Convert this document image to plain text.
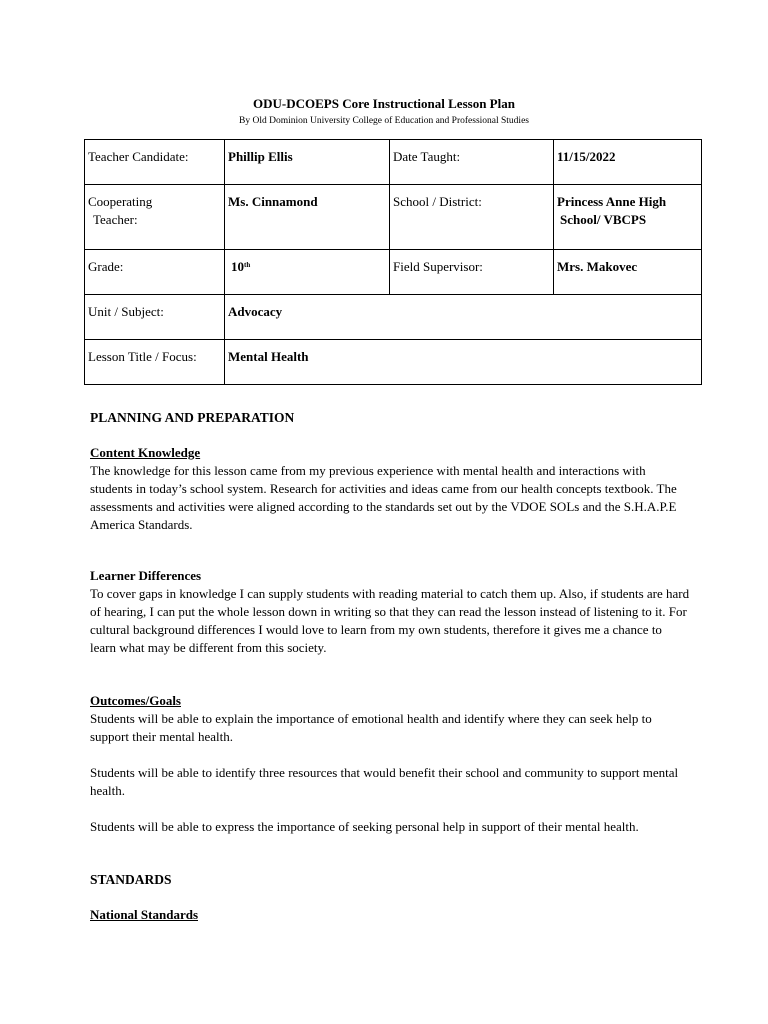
ODU-DCOEPS Core Instructional Lesson Plan

By Old Dominion University College of Education and Professional Studies

Teacher Candidate:	Phillip Ellis	Date Taught:	11/15/2022
Cooperating
Teacher:	Ms. Cinnamond	School / District:	Princess Anne High
School/ VBCPS
Grade:	10th	Field Supervisor:	Mrs. Makovec
Unit / Subject:	Advocacy		
Lesson Title / Focus:	Mental Health		

PLANNING AND PREPARATION

Content Knowledge

The knowledge for this lesson came from my previous experience with mental health and interactions with students in today’s school system. Research for activities and ideas came from our health concepts textbook. The assessments and activities were aligned according to the standards set out by the VDOE SOLs and the S.H.A.P.E America Standards.

Learner Differences

To cover gaps in knowledge I can supply students with reading material to catch them up. Also, if students are hard of hearing, I can put the whole lesson down in writing so that they can read the lesson instead of listening to it. For cultural background differences I would love to learn from my own students, therefore it gives me a chance to learn what may be different from this society.

Outcomes/Goals

Students will be able to explain the importance of emotional health and identify where they can seek help to support their mental health.

Students will be able to identify three resources that would benefit their school and community to support mental health.

Students will be able to express the importance of seeking personal help in support of their mental health.

STANDARDS

National Standards
